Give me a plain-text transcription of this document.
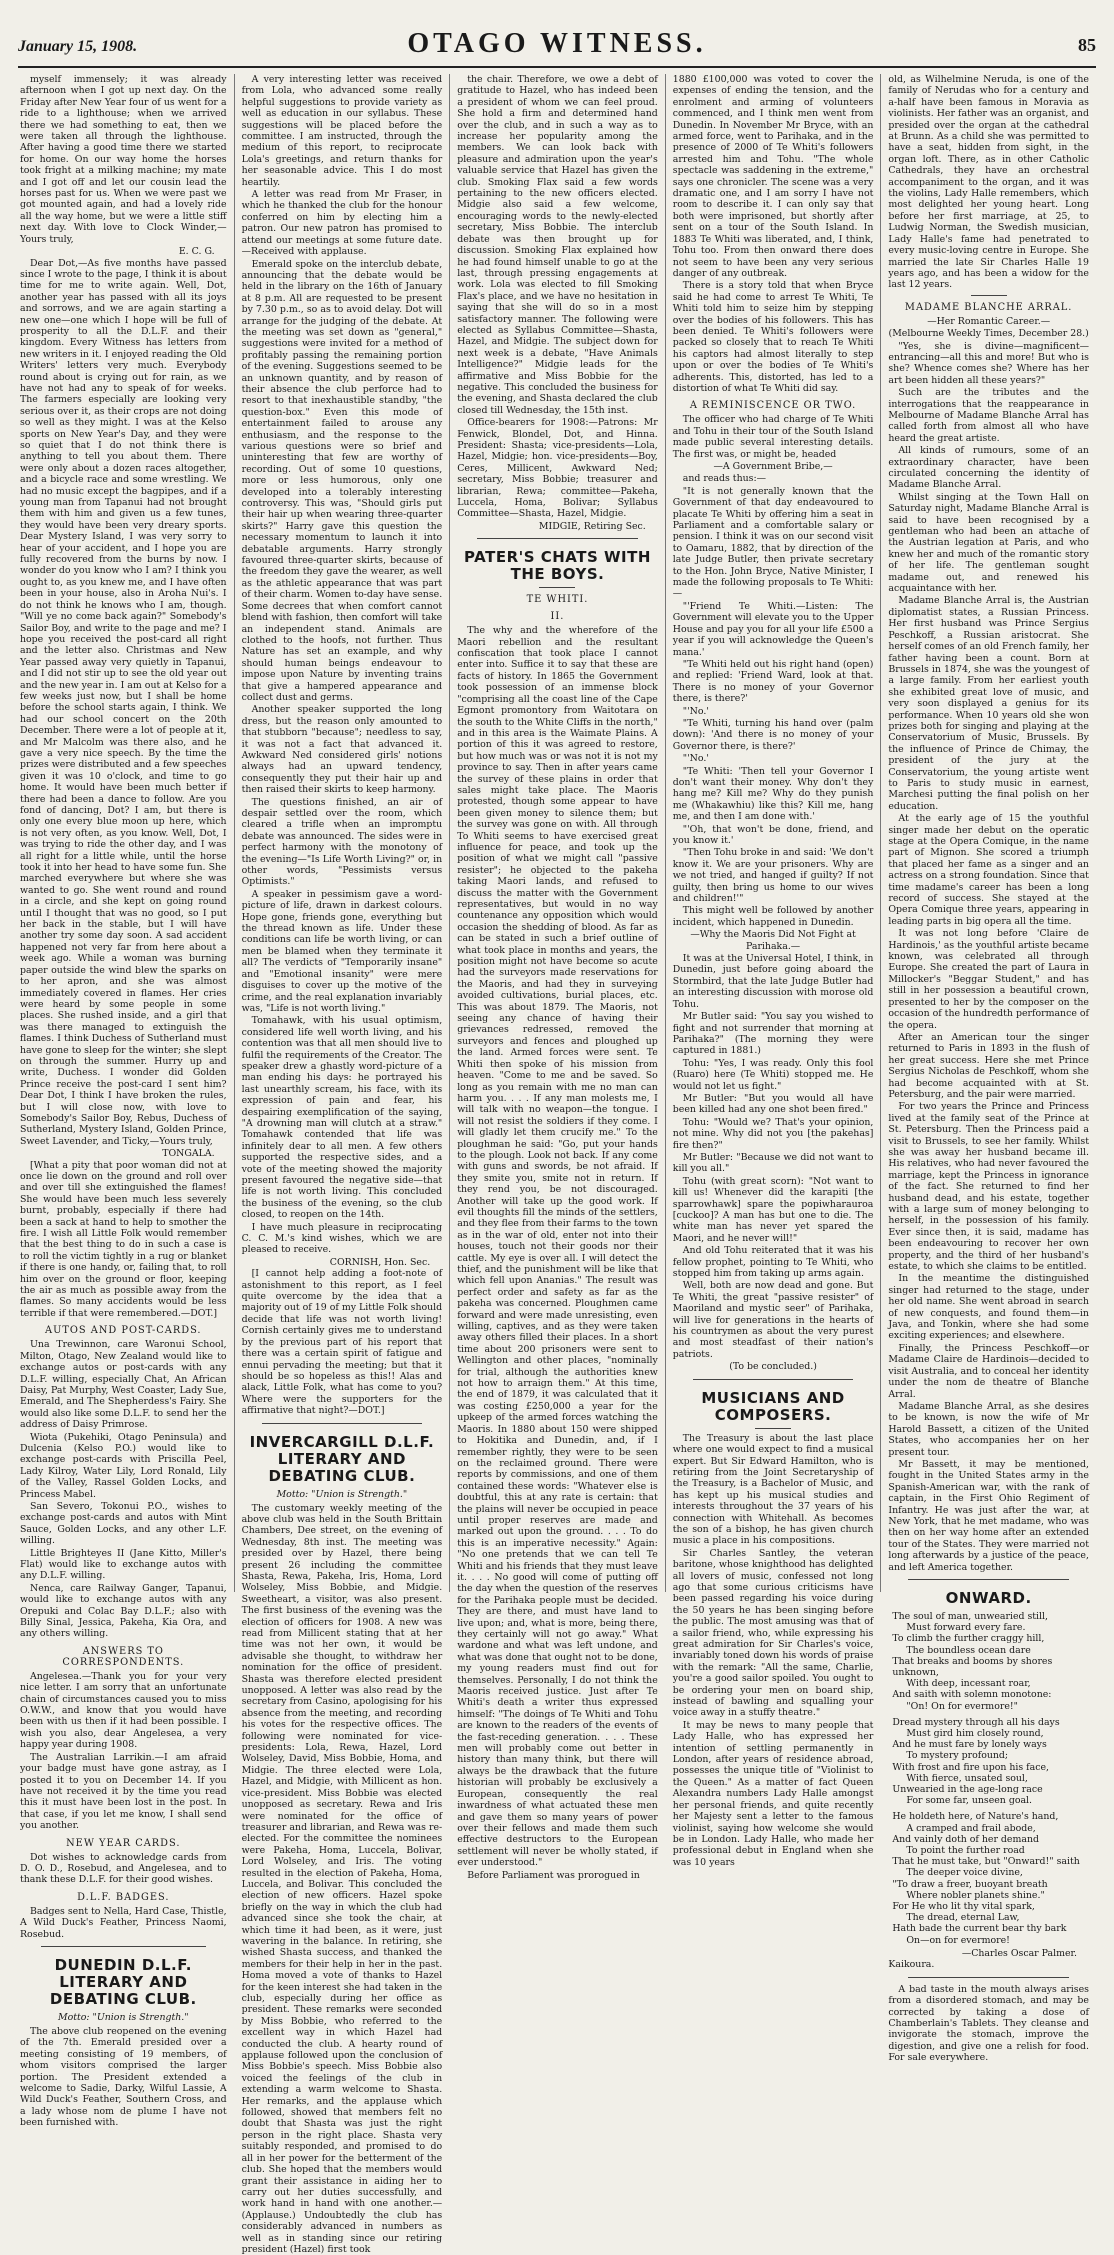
January 15, 1908.	OTAGO WITNESS.	85

myself immensely; it was already afternoon when I got up next day. On the Friday after New Year four of us went for a ride to a lighthouse; when we arrived there we had something to eat, then we were taken all through the lighthouse. After having a good time there we started for home. On our way home the horses took fright at a milking machine; my mate and I got off and let our cousin lead the horses past for us. When we were past we got mounted again, and had a lovely ride all the way home, but we were a little stiff next day. With love to Clock Winder,—Yours truly,

E. C. G.

Dear Dot,—As five months have passed since I wrote to the page, I think it is about time for me to write again. Well, Dot, another year has passed with all its joys and sorrows, and we are again starting a new one—one which I hope will be full of prosperity to all the D.L.F. and their kingdom. Every Witness has letters from new writers in it. I enjoyed reading the Old Writers' letters very much. Everybody round about is crying out for rain, as we have not had any to speak of for weeks. The farmers especially are looking very serious over it, as their crops are not doing so well as they might. I was at the Kelso sports on New Year's Day, and they were so quiet that I do not think there is anything to tell you about them. There were only about a dozen races altogether, and a bicycle race and some wrestling. We had no music except the bagpipes, and if a young man from Tapanui had not brought them with him and given us a few tunes, they would have been very dreary sports. Dear Mystery Island, I was very sorry to hear of your accident, and I hope you are fully recovered from the burns by now. I wonder do you know who I am? I think you ought to, as you knew me, and I have often been in your house, also in Aroha Nui's. I do not think he knows who I am, though. "Will ye no come back again?" Somebody's Sailor Boy, and write to the page and me? I hope you received the post-card all right and the letter also. Christmas and New Year passed away very quietly in Tapanui, and I did not stir up to see the old year out and the new year in. I am out at Kelso for a few weeks just now, but I shall be home before the school starts again, I think. We had our school concert on the 20th December. There were a lot of people at it, and Mr Malcolm was there also, and he gave a very nice speech. By the time the prizes were distributed and a few speeches given it was 10 o'clock, and time to go home. It would have been much better if there had been a dance to follow. Are you fond of dancing, Dot? I am, but there is only one every blue moon up here, which is not very often, as you know. Well, Dot, I was trying to ride the other day, and I was all right for a little while, until the horse took it into her head to have some fun. She marched everywhere but where she was wanted to go. She went round and round in a circle, and she kept on going round until I thought that was no good, so I put her back in the stable, but I will have another try some day soon. A sad accident happened not very far from here about a week ago. While a woman was burning paper outside the wind blew the sparks on to her apron, and she was almost immediately covered in flames. Her cries were heard by some people in some places. She rushed inside, and a girl that was there managed to extinguish the flames. I think Duchess of Sutherland must have gone to sleep for the winter; she slept on through the summer. Hurry up and write, Duchess. I wonder did Golden Prince receive the post-card I sent him? Dear Dot, I think I have broken the rules, but I will close now, with love to Somebody's Sailor Boy, Rebus, Duchess of Sutherland, Mystery Island, Golden Prince, Sweet Lavender, and Ticky,—Yours truly,

TONGALA.

[What a pity that poor woman did not at once lie down on the ground and roll over and over till she extinguished the flames! She would have been much less severely burnt, probably, especially if there had been a sack at hand to help to smother the fire. I wish all Little Folk would remember that the best thing to do in such a case is to roll the victim tightly in a rug or blanket if there is one handy, or, failing that, to roll him over on the ground or floor, keeping the air as much as possible away from the flames. So many accidents would be less terrible if that were remembered.—DOT.]

AUTOS AND POST-CARDS.

Una Trewinnon, care Waronui School, Milton, Otago, New Zealand would like to exchange autos or post-cards with any D.L.F. willing, especially Chat, An African Daisy, Pat Murphy, West Coaster, Lady Sue, Emerald, and The Shepherdess's Fairy. She would also like some D.L.F. to send her the address of Daisy Primrose.

Wiota (Pukehiki, Otago Peninsula) and Dulcenia (Kelso P.O.) would like to exchange post-cards with Priscilla Peel, Lady Kilroy, Water Lily, Lord Ronald, Lily of the Valley, Rassel Golden Locks, and Princess Mabel.

San Severo, Tokonui P.O., wishes to exchange post-cards and autos with Mint Sauce, Golden Locks, and any other L.F. willing.

Little Brighteyes II (Jane Kitto, Miller's Flat) would like to exchange autos with any D.L.F. willing.

Nenca, care Railway Ganger, Tapanui, would like to exchange autos with any Orepuki and Colac Bay D.L.F.; also with Billy Sinal, Jessica, Pakeha, Kia Ora, and any others willing.

ANSWERS TO CORRESPONDENTS.

Angelesea.—Thank you for your very nice letter. I am sorry that an unfortunate chain of circumstances caused you to miss O.W.W., and know that you would have been with us then if it had been possible. I wish you also, dear Angelesea, a very happy year during 1908.

The Australian Larrikin.—I am afraid your badge must have gone astray, as I posted it to you on December 14. If you have not received it by the time you read this it must have been lost in the post. In that case, if you let me know, I shall send you another.

NEW YEAR CARDS.

Dot wishes to acknowledge cards from D. O. D., Rosebud, and Angelesea, and to thank these D.L.F. for their good wishes.

D.L.F. BADGES.

Badges sent to Nella, Hard Case, Thistle, A Wild Duck's Feather, Princess Naomi, Rosebud.

DUNEDIN D.L.F. LITERARY AND DEBATING CLUB.
Motto: "Union is Strength."

The above club reopened on the evening of the 7th. Emerald presided over a meeting consisting of 19 members, of whom visitors comprised the larger portion. The President extended a welcome to Sadie, Darky, Wilful Lassie, A Wild Duck's Feather, Southern Cross, and a lady whose nom de plume I have not been furnished with.

A very interesting letter was received from Lola, who advanced some really helpful suggestions to provide variety as well as education in our syllabus. These suggestions will be placed before the committee. I am instructed, through the medium of this report, to reciprocate Lola's greetings, and return thanks for her seasonable advice. This I do most heartily.

A letter was read from Mr Fraser, in which he thanked the club for the honour conferred on him by electing him a patron. Our new patron has promised to attend our meetings at some future date.—Received with applause.

Emerald spoke on the interclub debate, announcing that the debate would be held in the library on the 16th of January at 8 p.m. All are requested to be present by 7.30 p.m., so as to avoid delay. Dot will arrange for the judging of the debate. At the meeting was set down as "general," suggestions were invited for a method of profitably passing the remaining portion of the evening. Suggestions seemed to be an unknown quantity, and by reason of their absence the club perforce had to resort to that inexhaustible standby, "the question-box." Even this mode of entertainment failed to arouse any enthusiasm, and the response to the various questions were so brief and uninteresting that few are worthy of recording. Out of some 10 questions, more or less humorous, only one developed into a tolerably interesting controversy. This was, "Should girls put their hair up when wearing three-quarter skirts?" Harry gave this question the necessary momentum to launch it into debatable arguments. Harry strongly favoured three-quarter skirts, because of the freedom they gave the wearer, as well as the athletic appearance that was part of their charm. Women to-day have sense. Some decrees that when comfort cannot blend with fashion, then comfort will take an independent stand. Animals are clothed to the hoofs, not further. Thus Nature has set an example, and why should human beings endeavour to impose upon Nature by inventing trains that give a hampered appearance and collect dust and germs.

Another speaker supported the long dress, but the reason only amounted to that stubborn "because"; needless to say, it was not a fact that advanced it. Awkward Ned considered girls' notions always had an upward tendency, consequently they put their hair up and then raised their skirts to keep harmony.

The questions finished, an air of despair settled over the room, which cleared a trifle when an impromptu debate was announced. The sides were in perfect harmony with the monotony of the evening—"Is Life Worth Living?" or, in other words, "Pessimists versus Optimists."

A speaker in pessimism gave a word-picture of life, drawn in darkest colours. Hope gone, friends gone, everything but the thread known as life. Under these conditions can life be worth living, or can men be blamed when they terminate it all? The verdicts of "Temporarily insane" and "Emotional insanity" were mere disguises to cover up the motive of the crime, and the real explanation invariably was, "Life is not worth living."

Tomahawk, with his usual optimism, considered life well worth living, and his contention was that all men should live to fulfil the requirements of the Creator. The speaker drew a ghastly word-picture of a man ending his days: he portrayed his last unearthly scream, his face, with its expression of pain and fear, his despairing exemplification of the saying, "A drowning man will clutch at a straw." Tomahawk contended that life was infinitely dear to all men. A few others supported the respective sides, and a vote of the meeting showed the majority present favoured the negative side—that life is not worth living. This concluded the business of the evening, so the club closed, to reopen on the 14th.

I have much pleasure in reciprocating C. C. M.'s kind wishes, which we are pleased to receive.

CORNISH, Hon. Sec.

[I cannot help adding a foot-note of astonishment to this report, as I feel quite overcome by the idea that a majority out of 19 of my Little Folk should decide that life was not worth living! Cornish certainly gives me to understand by the previous part of his report that there was a certain spirit of fatigue and ennui pervading the meeting; but that it should be so hopeless as this!! Alas and alack, Little Folk, what has come to you? Where were the supporters for the affirmative that night?—DOT.]

INVERCARGILL D.L.F. LITERARY AND DEBATING CLUB.
Motto: "Union is Strength."

The customary weekly meeting of the above club was held in the South Brittain Chambers, Dee street, on the evening of Wednesday, 8th inst. The meeting was presided over by Hazel, there being present 26 including the committee Shasta, Rewa, Pakeha, Iris, Homa, Lord Wolseley, Miss Bobbie, and Midgie. Sweetheart, a visitor, was also present. The first business of the evening was the election of officers for 1908. A new was read from Millicent stating that at her time was not her own, it would be advisable she thought, to withdraw her nomination for the office of president. Shasta was therefore elected president unopposed. A letter was also read by the secretary from Casino, apologising for his absence from the meeting, and recording his votes for the respective offices. The following were nominated for vice-presidents: Lola, Rewa, Hazel, Lord Wolseley, David, Miss Bobbie, Homa, and Midgie. The three elected were Lola, Hazel, and Midgie, with Millicent as hon. vice-president. Miss Bobbie was elected unopposed as secretary. Rewa and Iris were nominated for the office of treasurer and librarian, and Rewa was re-elected. For the committee the nominees were Pakeha, Homa, Luccela, Bolivar, Lord Wolseley, and Iris. The voting resulted in the election of Pakeha, Homa, Luccela, and Bolivar. This concluded the election of new officers. Hazel spoke briefly on the way in which the club had advanced since she took the chair, at which time it had been, as it were, just wavering in the balance. In retiring, she wished Shasta success, and thanked the members for their help in her in the past. Homa moved a vote of thanks to Hazel for the keen interest she had taken in the club, especially during her office as president. These remarks were seconded by Miss Bobbie, who referred to the excellent way in which Hazel had conducted the club. A hearty round of applause followed upon the conclusion of Miss Bobbie's speech. Miss Bobbie also voiced the feelings of the club in extending a warm welcome to Shasta. Her remarks, and the applause which followed, showed that members felt no doubt that Shasta was just the right person in the right place. Shasta very suitably responded, and promised to do all in her power for the betterment of the club. She hoped that the members would grant their assistance in aiding her to carry out her duties successfully, and work hand in hand with one another.—(Applause.) Undoubtedly the club has considerably advanced in numbers as well as in standing since our retiring president (Hazel) first took

the chair. Therefore, we owe a debt of gratitude to Hazel, who has indeed been a president of whom we can feel proud. She hold a firm and determined hand over the club, and in such a way as to increase her popularity among the members. We can look back with pleasure and admiration upon the year's valuable service that Hazel has given the club. Smoking Flax said a few words pertaining to the new officers elected. Midgie also said a few welcome, encouraging words to the newly-elected secretary, Miss Bobbie. The interclub debate was then brought up for discussion. Smoking Flax explained how he had found himself unable to go at the last, through pressing engagements at work. Lola was elected to fill Smoking Flax's place, and we have no hesitation in saying that she will do so in a most satisfactory manner. The following were elected as Syllabus Committee—Shasta, Hazel, and Midgie. The subject down for next week is a debate, "Have Animals Intelligence?" Midgie leads for the affirmative and Miss Bobbie for the negative. This concluded the business for the evening, and Shasta declared the club closed till Wednesday, the 15th inst.

Office-bearers for 1908:—Patrons: Mr Fenwick, Blondel, Dot, and Hinna. President: Shasta; vice-presidents—Lola, Hazel, Midgie; hon. vice-presidents—Boy, Ceres, Millicent, Awkward Ned; secretary, Miss Bobbie; treasurer and librarian, Rewa; committee—Pakeha, Luccela, Homa, Bolivar; Syllabus Committee—Shasta, Hazel, Midgie.

MIDGIE, Retiring Sec.
PATER'S CHATS WITH THE BOYS.
TE WHITI.
II.

The why and the wherefore of the Maori rebellion and the resultant confiscation that took place I cannot enter into. Suffice it to say that these are facts of history. In 1865 the Government took possession of an immense block "comprising all the coast line of the Cape Egmont promontory from Waitotara on the south to the White Cliffs in the north," and in this area is the Waimate Plains. A portion of this it was agreed to restore, but how much was or was not it is not my province to say. Then in after years came the survey of these plains in order that sales might take place. The Maoris protested, though some appear to have been given money to silence them; but the survey was gone on with. All through To Whiti seems to have exercised great influence for peace, and took up the position of what we might call "passive resister"; he objected to the pakeha taking Maori lands, and refused to discuss the matter with the Government representatives, but would in no way countenance any opposition which would occasion the shedding of blood. As far as can be stated in such a brief outline of what took place in months and years, the position might not have become so acute had the surveyors made reservations for the Maoris, and had they in surveying avoided cultivations, burial places, etc. This was about 1879. The Maoris, not seeing any chance of having their grievances redressed, removed the surveyors and fences and ploughed up the land. Armed forces were sent. Te Whiti then spoke of his mission from heaven. "Come to me and be saved. So long as you remain with me no man can harm you. . . . If any man molests me, I will talk with no weapon—the tongue. I will not resist the soldiers if they come. I will gladly let them crucify me." To the ploughman he said: "Go, put your hands to the plough. Look not back. If any come with guns and swords, be not afraid. If they smite you, smite not in return. If they rend you, be not discouraged. Another will take up the good work. If evil thoughts fill the minds of the settlers, and they flee from their farms to the town as in the war of old, enter not into their houses, touch not their goods nor their cattle. My eye is over all. I will detect the thief, and the punishment will be like that which fell upon Ananias." The result was perfect order and safety as far as the pakeha was concerned. Ploughmen came forward and were made unresisting, even willing, captives, and as they were taken away others filled their places. In a short time about 200 prisoners were sent to Wellington and other places, "nominally for trial, although the authorities knew not how to arraign them." At this time, the end of 1879, it was calculated that it was costing £250,000 a year for the upkeep of the armed forces watching the Maoris. In 1880 about 150 were shipped to Hokitika and Dunedin, and, if I remember rightly, they were to be seen on the reclaimed ground. There were reports by commissions, and one of them contained these words: "Whatever else is doubtful, this at any rate is certain: that the plains will never be occupied in peace until proper reserves are made and marked out upon the ground. . . . To do this is an imperative necessity." Again: "No one pretends that we can tell Te Whiti and his friends that they must leave it. . . . No good will come of putting off the day when the question of the reserves for the Parihaka people must be decided. They are there, and must have land to live upon; and, what is more, being there, they certainly will not go away." What wardone and what was left undone, and what was done that ought not to be done, my young readers must find out for themselves. Personally, I do not think the Maoris received justice. Just after Te Whiti's death a writer thus expressed himself: "The doings of Te Whiti and Tohu are known to the readers of the events of the fast-receding generation. . . . These men will probably come out better in history than many think, but there will always be the drawback that the future historian will probably be exclusively a European, consequently the real inwardness of what actuated these men and gave them so many years of power over their fellows and made them such effective destructors to the European settlement will never be wholly stated, if ever understood."

Before Parliament was prorogued in

1880 £100,000 was voted to cover the expenses of ending the tension, and the enrolment and arming of volunteers commenced, and I think men went from Dunedin. In November Mr Bryce, with an armed force, went to Parihaka, and in the presence of 2000 of Te Whiti's followers arrested him and Tohu. "The whole spectacle was saddening in the extreme," says one chronicler. The scene was a very dramatic one, and I am sorry I have not room to describe it. I can only say that both were imprisoned, but shortly after sent on a tour of the South Island. In 1883 Te Whiti was liberated, and, I think, Tohu too. From then onward there does not seem to have been any very serious danger of any outbreak.

There is a story told that when Bryce said he had come to arrest Te Whiti, Te Whiti told him to seize him by stepping over the bodies of his followers. This has been denied. Te Whiti's followers were packed so closely that to reach Te Whiti his captors had almost literally to step upon or over the bodies of Te Whiti's adherents. This, distorted, has led to a distortion of what Te Whiti did say.

A REMINISCENCE OR TWO.

The officer who had charge of Te Whiti and Tohu in their tour of the South Island made public several interesting details. The first was, or might be, headed

—A Government Bribe,—

and reads thus:—

"It is not generally known that the Government of that day endeavoured to placate Te Whiti by offering him a seat in Parliament and a comfortable salary or pension. I think it was on our second visit to Oamaru, 1882, that by direction of the late Judge Butler, then private secretary to the Hon. John Bryce, Native Minister, I made the following proposals to Te Whiti:—

"'Friend Te Whiti.—Listen: The Government will elevate you to the Upper House and pay you for all your life £500 a year if you will acknowledge the Queen's mana.'

"Te Whiti held out his right hand (open) and replied: 'Friend Ward, look at that. There is no money of your Governor there, is there?'

"'No.'

"Te Whiti, turning his hand over (palm down): 'And there is no money of your Governor there, is there?'

"'No.'

"Te Whiti: 'Then tell your Governor I don't want their money. Why don't they hang me? Kill me? Why do they punish me (Whakawhiu) like this? Kill me, hang me, and then I am done with.'

"'Oh, that won't be done, friend, and you know it.'

"Then Tohu broke in and said: 'We don't know it. We are your prisoners. Why are we not tried, and hanged if guilty? If not guilty, then bring us home to our wives and children!'"

This might well be followed by another incident, which happened in Dunedin.

—Why the Maoris Did Not Fight at Parihaka.—

It was at the Universal Hotel, I think, in Dunedin, just before going aboard the Stormbird, that the late Judge Butler had an interesting discussion with morose old Tohu.

Mr Butler said: "You say you wished to fight and not surrender that morning at Parihaka?" (The morning they were captured in 1881.)

Tohu: "Yes, I was ready. Only this fool (Ruaro) here (Te Whiti) stopped me. He would not let us fight."

Mr Butler: "But you would all have been killed had any one shot been fired."

Tohu: "Would we? That's your opinion, not mine. Why did not you [the pakehas] fire then?"

Mr Butler: "Because we did not want to kill you all."

Tohu (with great scorn): "Not want to kill us! Whenever did the karapiti [the sparrowhawk] spare the popiwharauroa [cuckoo]? A man has but one to die. The white man has never yet spared the Maori, and he never will!"

And old Tohu reiterated that it was his fellow prophet, pointing to Te Whiti, who stopped him from taking up arms again.

Well, both are now dead and gone. But Te Whiti, the great "passive resister" of Maoriland and mystic seer" of Parihaka, will live for generations in the hearts of his countrymen as about the very purest and most steadfast of their nation's patriots.

(To be concluded.)

MUSICIANS AND COMPOSERS.

The Treasury is about the last place where one would expect to find a musical expert. But Sir Edward Hamilton, who is retiring from the Joint Secretaryship of the Treasury, is a Bachelor of Music, and has kept up his musical studies and interests throughout the 37 years of his connection with Whitehall. As becomes the son of a bishop, he has given church music a place in his compositions.

Sir Charles Santley, the veteran baritone, whose knighthood has delighted all lovers of music, confessed not long ago that some curious criticisms have been passed regarding his voice during the 50 years he has been singing before the public. The most amusing was that of a sailor friend, who, while expressing his great admiration for Sir Charles's voice, invariably toned down his words of praise with the remark: "All the same, Charlie, you're a good sailor spoiled. You ought to be ordering your men on board ship, instead of bawling and squalling your voice away in a stuffy theatre."

It may be news to many people that Lady Halle, who has expressed her intention of settling permanently in London, after years of residence abroad, possesses the unique title of "Violinist to the Queen." As a matter of fact Queen Alexandra numbers Lady Halle amongst her personal friends, and quite recently her Majesty sent a letter to the famous violinist, saying how welcome she would be in London. Lady Halle, who made her professional debut in England when she was 10 years

old, as Wilhelmine Neruda, is one of the family of Nerudas who for a century and a-half have been famous in Moravia as violinists. Her father was an organist, and presided over the organ at the cathedral at Brunn. As a child she was permitted to have a seat, hidden from sight, in the organ loft. There, as in other Catholic Cathedrals, they have an orchestral accompaniment to the organ, and it was the violins, Lady Halle remembers, which most delighted her young heart. Long before her first marriage, at 25, to Ludwig Norman, the Swedish musician, Lady Halle's fame had penetrated to every music-loving centre in Europe. She married the late Sir Charles Halle 19 years ago, and has been a widow for the last 12 years.

MADAME BLANCHE ARRAL.

—Her Romantic Career.—

(Melbourne Weekly Times, December 28.)

"Yes, she is divine—magnificent—entrancing—all this and more! But who is she? Whence comes she? Where has her art been hidden all these years?"

Such are the tributes and the interrogations that the reappearance in Melbourne of Madame Blanche Arral has called forth from almost all who have heard the great artiste.

All kinds of rumours, some of an extraordinary character, have been circulated concerning the identity of Madame Blanche Arral.

Whilst singing at the Town Hall on Saturday night, Madame Blanche Arral is said to have been recognised by a gentleman who had been an attache of the Austrian legation at Paris, and who knew her and much of the romantic story of her life. The gentleman sought madame out, and renewed his acquaintance with her.

Madame Blanche Arral is, the Austrian diplomatist states, a Russian Princess. Her first husband was Prince Sergius Peschkoff, a Russian aristocrat. She herself comes of an old French family, her father having been a count. Born at Brussels in 1874, she was the youngest of a large family. From her earliest youth she exhibited great love of music, and very soon displayed a genius for its performance. When 10 years old she won prizes both for singing and playing at the Conservatorium of Music, Brussels. By the influence of Prince de Chimay, the president of the jury at the Conservatorium, the young artiste went to Paris to study music in earnest, Marchesi putting the final polish on her education.

At the early age of 15 the youthful singer made her debut on the operatic stage at the Opera Comique, in the name part of Mignon. She scored a triumph that placed her fame as a singer and an actress on a strong foundation. Since that time madame's career has been a long record of success. She stayed at the Opera Comique three years, appearing in leading parts in big opera all the time.

It was not long before 'Claire de Hardinois,' as the youthful artiste became known, was celebrated all through Europe. She created the part of Laura in Millocker's "Beggar Student," and has still in her possession a beautiful crown, presented to her by the composer on the occasion of the hundredth performance of the opera.

After an American tour the singer returned to Paris in 1893 in the flush of her great success. Here she met Prince Sergius Nicholas de Peschkoff, whom she had become acquainted with at St. Petersburg, and the pair were married.

For two years the Prince and Princess lived at the family seat of the Prince at St. Petersburg. Then the Princess paid a visit to Brussels, to see her family. Whilst she was away her husband became ill. His relatives, who had never favoured the marriage, kept the Princess in ignorance of the fact. She returned to find her husband dead, and his estate, together with a large sum of money belonging to herself, in the possession of his family. Ever since then, it is said, madame has been endeavouring to recover her own property, and the third of her husband's estate, to which she claims to be entitled.

In the meantime the distinguished singer had returned to the stage, under her old name. She went abroad in search of new conquests, and found them—in Java, and Tonkin, where she had some exciting experiences; and elsewhere.

Finally, the Princess Peschkoff—or Madame Claire de Hardinois—decided to visit Australia, and to conceal her identity under the nom de theatre of Blanche Arral.

Madame Blanche Arral, as she desires to be known, is now the wife of Mr Harold Bassett, a citizen of the United States, who accompanies her on her present tour.

Mr Bassett, it may be mentioned, fought in the United States army in the Spanish-American war, with the rank of captain, in the First Ohio Regiment of Infantry. He was just after the war, at New York, that he met madame, who was then on her way home after an extended tour of the States. They were married not long afterwards by a justice of the peace, and left America together.

ONWARD.
The soul of man, unwearied still,
Must forward every fare.
To climb the further craggy hill,
The boundless ocean dare
That breaks and booms by shores unknown,
With deep, incessant roar,
And saith with solemn monotone:
"On! On for evermore!"
Dread mystery through all his days
Must gird him closely round,
And he must fare by lonely ways
To mystery profound;
With frost and fire upon his face,
With fierce, unsated soul,
Unwearied in the age-long race
For some far, unseen goal.
He holdeth here, of Nature's hand,
A cramped and frail abode,
And vainly doth of her demand
To point the further road
That he must take, but "Onward!" saith
The deeper voice divine,
"To draw a freer, buoyant breath
Where nobler planets shine."
For He who lit thy vital spark,
The dread, eternal Law,
Hath bade the current bear thy bark
On—on for evermore!
—Charles Oscar Palmer.

Kaikoura.

A bad taste in the mouth always arises from a disordered stomach, and may be corrected by taking a dose of Chamberlain's Tablets. They cleanse and invigorate the stomach, improve the digestion, and give one a relish for food. For sale everywhere.
